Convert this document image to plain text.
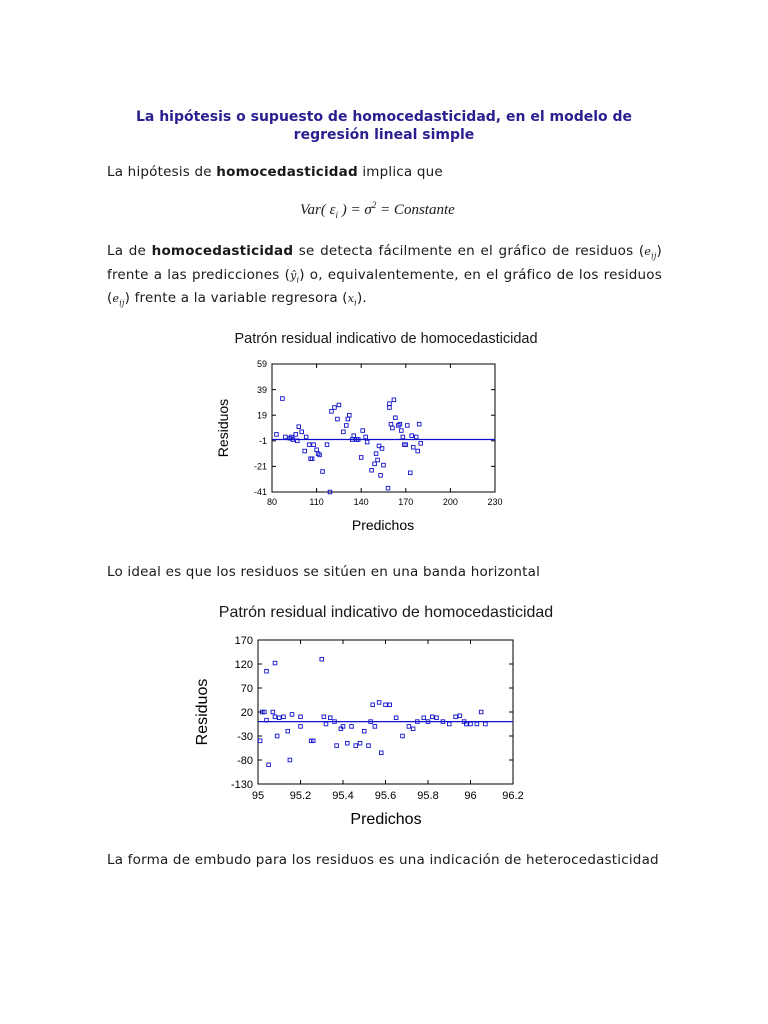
La hipótesis o supuesto de homocedasticidad, en el modelo de regresión lineal simple
La hipótesis de homocedasticidad implica que
Var( $\varepsilon_i$ ) = $\sigma^2$ = Constante
La de homocedasticidad se detecta fácilmente en el gráfico de residuos $(e_{ij})$ frente a las predicciones $(ŷ_i)$ o, equivalentemente, en el gráfico de los residuos $(e_{ij})$ frente a la variable regresora $(x_i)$.
Patrón residual indicativo de homocedasticidad
Residuos
Predichos
80	110	140	170	200	230
-41
-21
-1
19
39
59
Lo ideal es que los residuos se sitúen en una banda horizontal
Patrón residual indicativo de homocedasticidad
Residuos
Predichos
95 95.2 95.4 95.6 95.8 96 96.2
-130
-80
-30
20
70
120
170
La forma de embudo para los residuos es una indicación de heterocedasticidad
